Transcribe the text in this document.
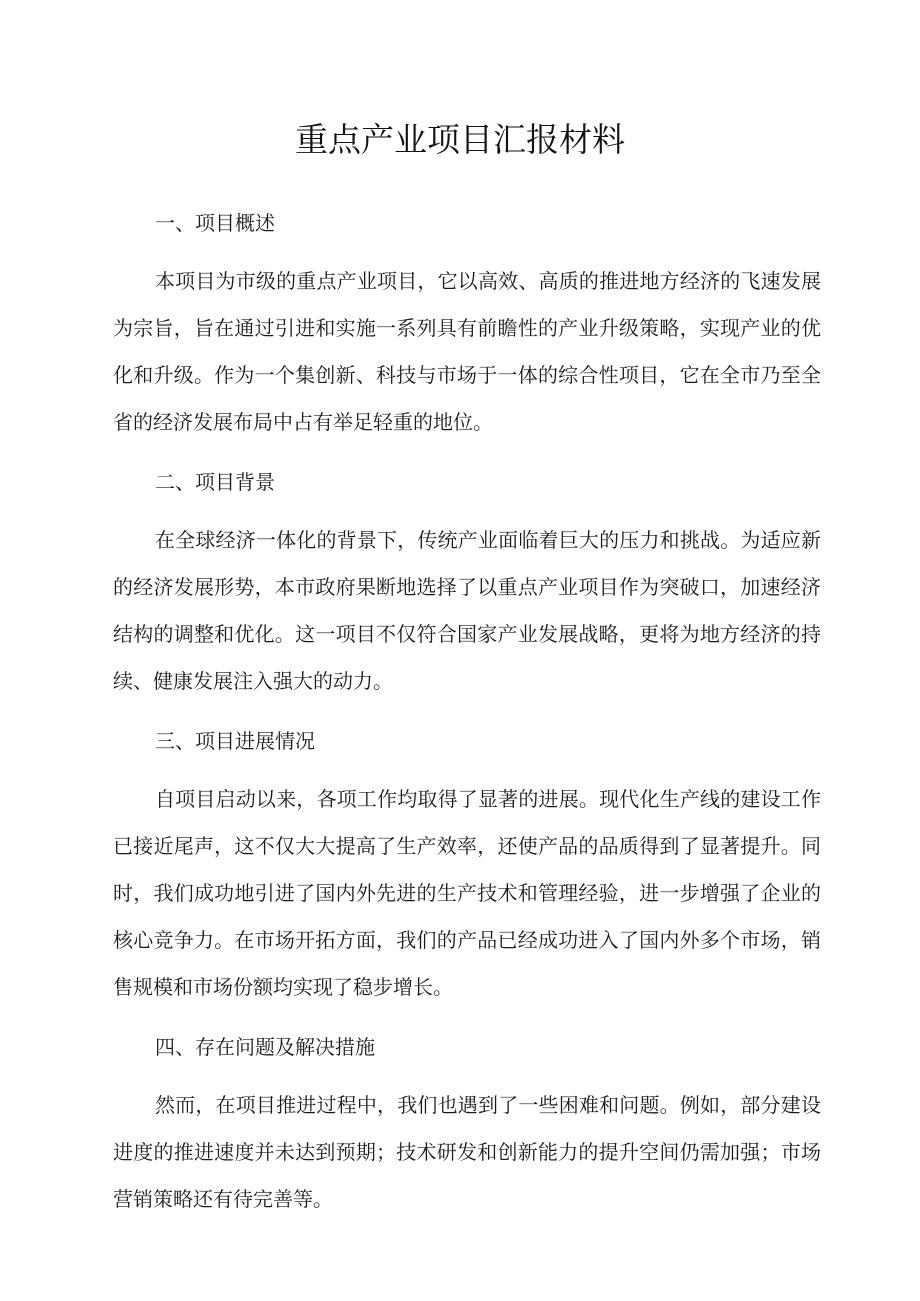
重点产业项目汇报材料

一、项目概述

本项目为市级的重点产业项目，它以高效、高质的推进地方经济的飞速发展为宗旨，旨在通过引进和实施一系列具有前瞻性的产业升级策略，实现产业的优化和升级。作为一个集创新、科技与市场于一体的综合性项目，它在全市乃至全省的经济发展布局中占有举足轻重的地位。

二、项目背景

在全球经济一体化的背景下，传统产业面临着巨大的压力和挑战。为适应新的经济发展形势，本市政府果断地选择了以重点产业项目作为突破口，加速经济结构的调整和优化。这一项目不仅符合国家产业发展战略，更将为地方经济的持续、健康发展注入强大的动力。

三、项目进展情况

自项目启动以来，各项工作均取得了显著的进展。现代化生产线的建设工作已接近尾声，这不仅大大提高了生产效率，还使产品的品质得到了显著提升。同时，我们成功地引进了国内外先进的生产技术和管理经验，进一步增强了企业的核心竞争力。在市场开拓方面，我们的产品已经成功进入了国内外多个市场，销售规模和市场份额均实现了稳步增长。

四、存在问题及解决措施

然而，在项目推进过程中，我们也遇到了一些困难和问题。例如，部分建设进度的推进速度并未达到预期；技术研发和创新能力的提升空间仍需加强；市场营销策略还有待完善等。
